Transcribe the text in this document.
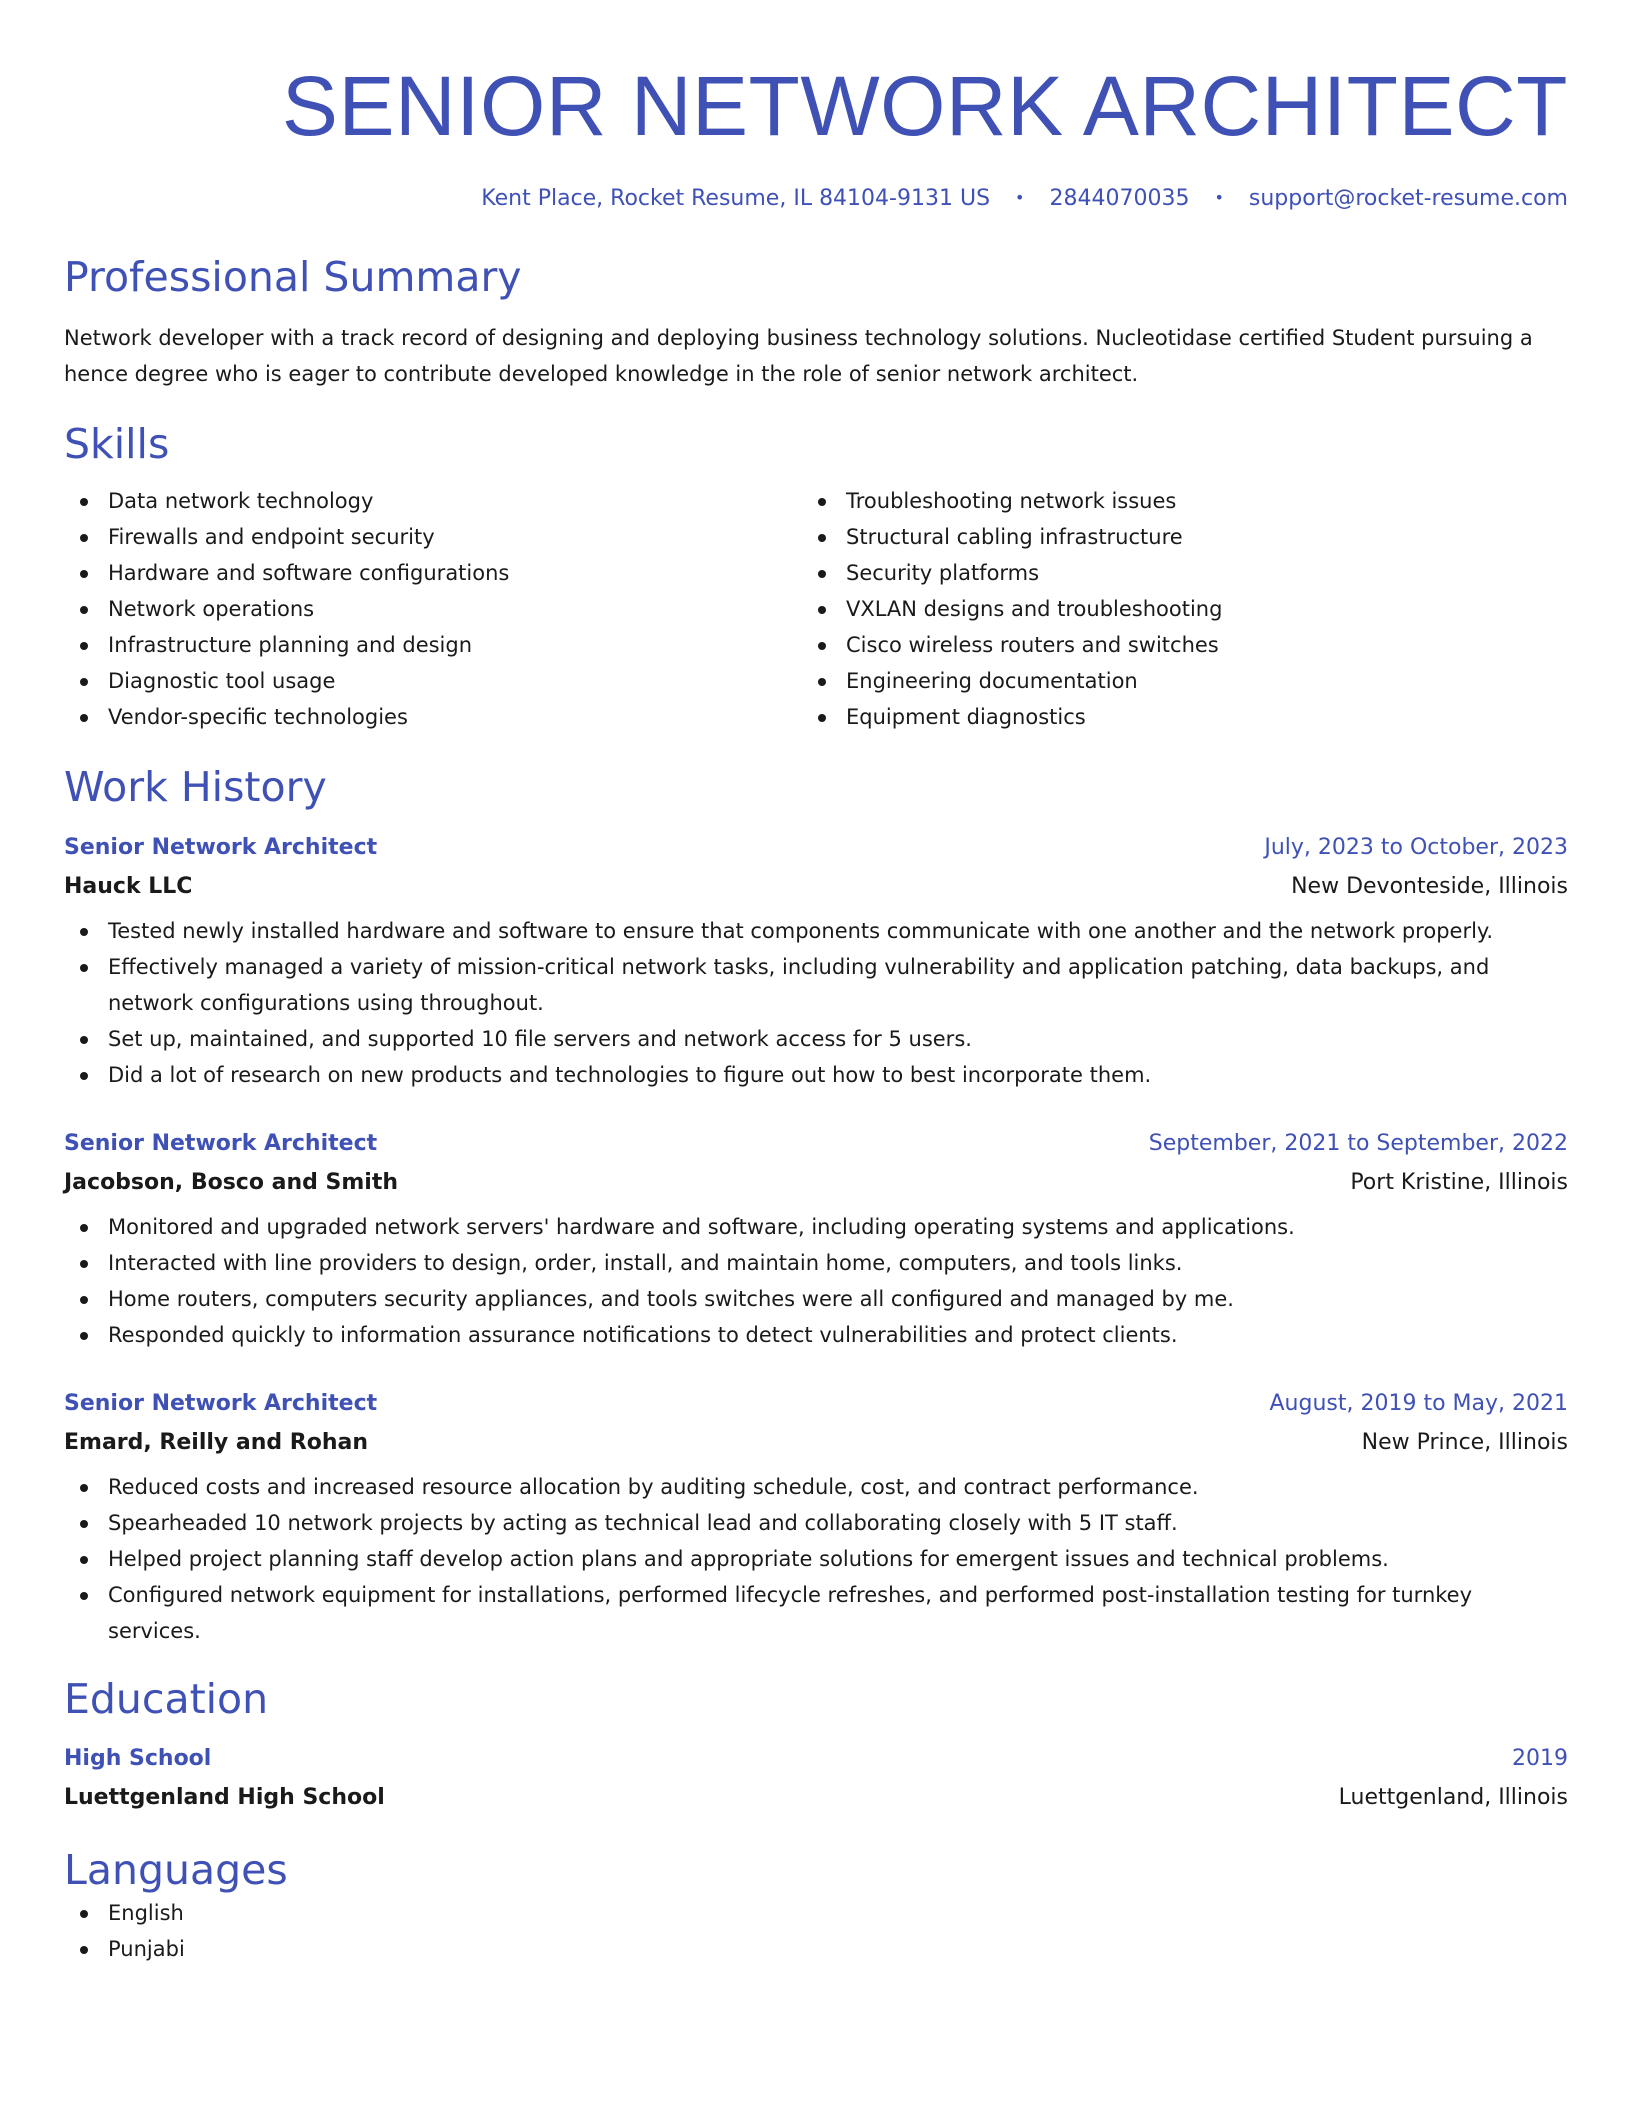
SENIOR NETWORK ARCHITECT
Kent Place, Rocket Resume, IL 84104-9131 US • 2844070035 • support@rocket-resume.com
Professional Summary
Network developer with a track record of designing and deploying business technology solutions. Nucleotidase certified Student pursuing a hence degree who is eager to contribute developed knowledge in the role of senior network architect.
Skills
Data network technology
Firewalls and endpoint security
Hardware and software configurations
Network operations
Infrastructure planning and design
Diagnostic tool usage
Vendor-specific technologies
Troubleshooting network issues
Structural cabling infrastructure
Security platforms
VXLAN designs and troubleshooting
Cisco wireless routers and switches
Engineering documentation
Equipment diagnostics
Work History
Senior Network Architect	July, 2023 to October, 2023
Hauck LLC	New Devonteside, Illinois
Tested newly installed hardware and software to ensure that components communicate with one another and the network properly.
Effectively managed a variety of mission-critical network tasks, including vulnerability and application patching, data backups, and network configurations using throughout.
Set up, maintained, and supported 10 file servers and network access for 5 users.
Did a lot of research on new products and technologies to figure out how to best incorporate them.
Senior Network Architect	September, 2021 to September, 2022
Jacobson, Bosco and Smith	Port Kristine, Illinois
Monitored and upgraded network servers' hardware and software, including operating systems and applications.
Interacted with line providers to design, order, install, and maintain home, computers, and tools links.
Home routers, computers security appliances, and tools switches were all configured and managed by me.
Responded quickly to information assurance notifications to detect vulnerabilities and protect clients.
Senior Network Architect	August, 2019 to May, 2021
Emard, Reilly and Rohan	New Prince, Illinois
Reduced costs and increased resource allocation by auditing schedule, cost, and contract performance.
Spearheaded 10 network projects by acting as technical lead and collaborating closely with 5 IT staff.
Helped project planning staff develop action plans and appropriate solutions for emergent issues and technical problems.
Configured network equipment for installations, performed lifecycle refreshes, and performed post-installation testing for turnkey services.
Education
High School	2019
Luettgenland High School	Luettgenland, Illinois
Languages
English
Punjabi
